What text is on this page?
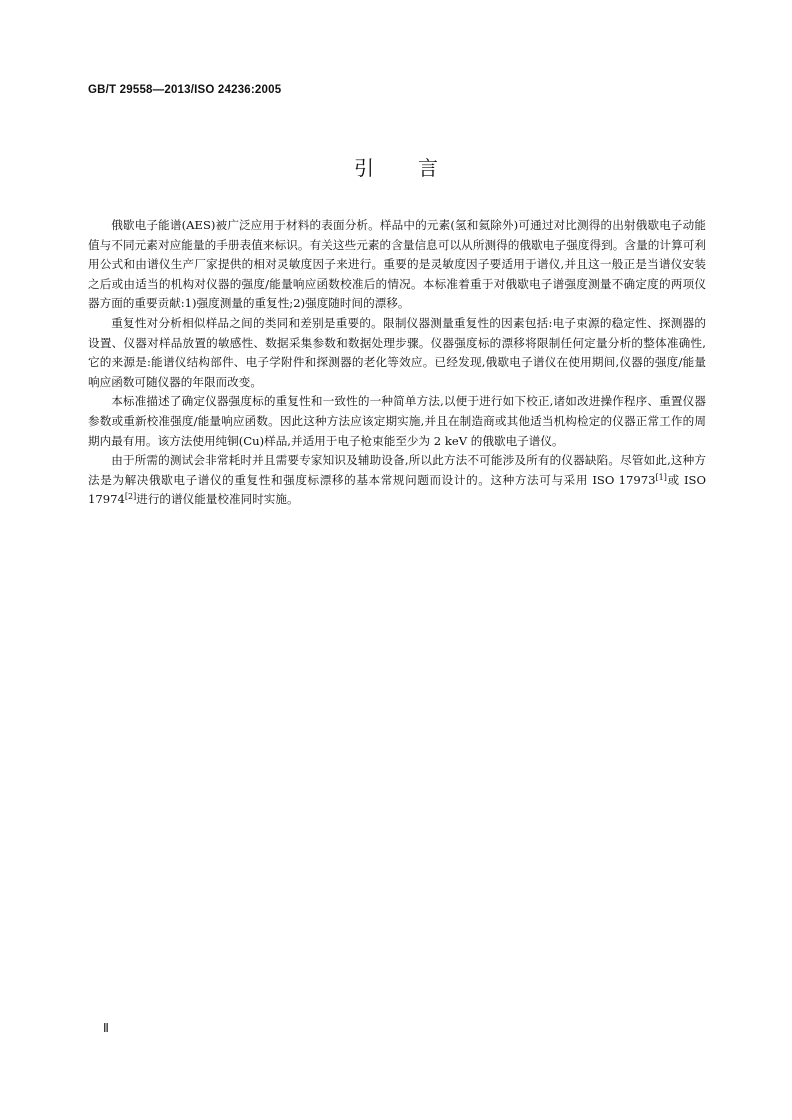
GB/T 29558—2013/ISO 24236:2005
引言

俄歇电子能谱(AES)被广泛应用于材料的表面分析。样品中的元素(氢和氦除外)可通过对比测得的出射俄歇电子动能值与不同元素对应能量的手册表值来标识。有关这些元素的含量信息可以从所测得的俄歇电子强度得到。含量的计算可利用公式和由谱仪生产厂家提供的相对灵敏度因子来进行。重要的是灵敏度因子要适用于谱仪,并且这一般正是当谱仪安装之后或由适当的机构对仪器的强度/能量响应函数校准后的情况。本标准着重于对俄歇电子谱强度测量不确定度的两项仪器方面的重要贡献:1)强度测量的重复性;2)强度随时间的漂移。

重复性对分析相似样品之间的类同和差别是重要的。限制仪器测量重复性的因素包括:电子束源的稳定性、探测器的设置、仪器对样品放置的敏感性、数据采集参数和数据处理步骤。仪器强度标的漂移将限制任何定量分析的整体准确性,它的来源是:能谱仪结构部件、电子学附件和探测器的老化等效应。已经发现,俄歇电子谱仪在使用期间,仪器的强度/能量响应函数可随仪器的年限而改变。

本标准描述了确定仪器强度标的重复性和一致性的一种简单方法,以便于进行如下校正,诸如改进操作程序、重置仪器参数或重新校准强度/能量响应函数。因此这种方法应该定期实施,并且在制造商或其他适当机构检定的仪器正常工作的周期内最有用。该方法使用纯铜(Cu)样品,并适用于电子枪束能至少为 2 keV 的俄歇电子谱仪。

由于所需的测试会非常耗时并且需要专家知识及辅助设备,所以此方法不可能涉及所有的仪器缺陷。尽管如此,这种方法是为解决俄歇电子谱仪的重复性和强度标漂移的基本常规问题而设计的。这种方法可与采用 ISO 17973[1]或 ISO 17974[2]进行的谱仪能量校准同时实施。

Ⅱ
